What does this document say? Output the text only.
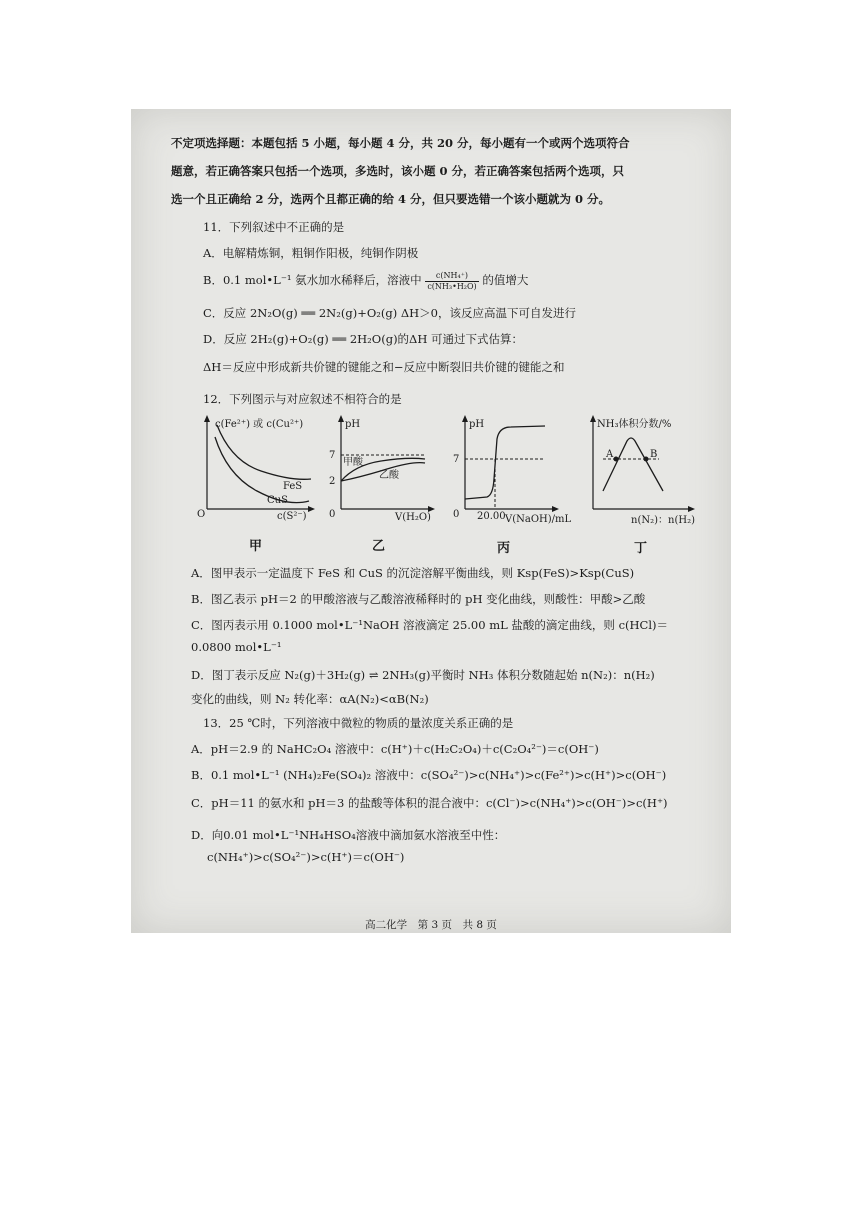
不定项选择题：本题包括 5 小题，每小题 4 分，共 20 分，每小题有一个或两个选项符合
题意，若正确答案只包括一个选项，多选时，该小题 0 分，若正确答案包括两个选项，只
选一个且正确给 2 分，选两个且都正确的给 4 分，但只要选错一个该小题就为 0 分。
11．下列叙述中不正确的是
A．电解精炼铜，粗铜作阳极，纯铜作阴极
B．0.1 mol•L⁻¹ 氨水加水稀释后，溶液中 $\frac{\text{c(NH₄⁺)}}{\text{c(NH₃•H₂O)}}$ 的值增大
C．反应 2N₂O(g) ══ 2N₂(g)+O₂(g) ΔH＞0，该反应高温下可自发进行
D．反应 2H₂(g)+O₂(g) ══ 2H₂O(g)的ΔH 可通过下式估算：
ΔH＝反应中形成新共价键的键能之和−反应中断裂旧共价键的键能之和
12．下列图示与对应叙述不相符合的是
c(Fe²⁺) 或 c(Cu²⁺)
c(S²⁻)
O
FeS
CuS
pH
7
2
0
甲酸
乙酸
V(H₂O)
pH
7
0 20.00 V(NaOH)/mL
NH₃体积分数/%
A	B
n(N₂)：n(H₂)
甲	乙	丙	丁
A．图甲表示一定温度下 FeS 和 CuS 的沉淀溶解平衡曲线，则 Ksp(FeS)>Ksp(CuS)
B．图乙表示 pH＝2 的甲酸溶液与乙酸溶液稀释时的 pH 变化曲线，则酸性：甲酸>乙酸
C．图丙表示用 0.1000 mol•L⁻¹NaOH 溶液滴定 25.00 mL 盐酸的滴定曲线，则 c(HCl)＝
0.0800 mol•L⁻¹
D．图丁表示反应 N₂(g)＋3H₂(g) ⇌ 2NH₃(g)平衡时 NH₃ 体积分数随起始 n(N₂)：n(H₂)
变化的曲线，则 N₂ 转化率：αA(N₂)<αB(N₂)
13．25 ℃时，下列溶液中微粒的物质的量浓度关系正确的是
A．pH＝2.9 的 NaHC₂O₄ 溶液中：c(H⁺)＋c(H₂C₂O₄)＋c(C₂O₄²⁻)＝c(OH⁻)
B．0.1 mol•L⁻¹ (NH₄)₂Fe(SO₄)₂ 溶液中：c(SO₄²⁻)>c(NH₄⁺)>c(Fe²⁺)>c(H⁺)>c(OH⁻)
C．pH＝11 的氨水和 pH＝3 的盐酸等体积的混合液中：c(Cl⁻)>c(NH₄⁺)>c(OH⁻)>c(H⁺)
D．向0.01 mol•L⁻¹NH₄HSO₄溶液中滴加氨水溶液至中性：
c(NH₄⁺)>c(SO₄²⁻)>c(H⁺)＝c(OH⁻)
高二化学　第 3 页　共 8 页
